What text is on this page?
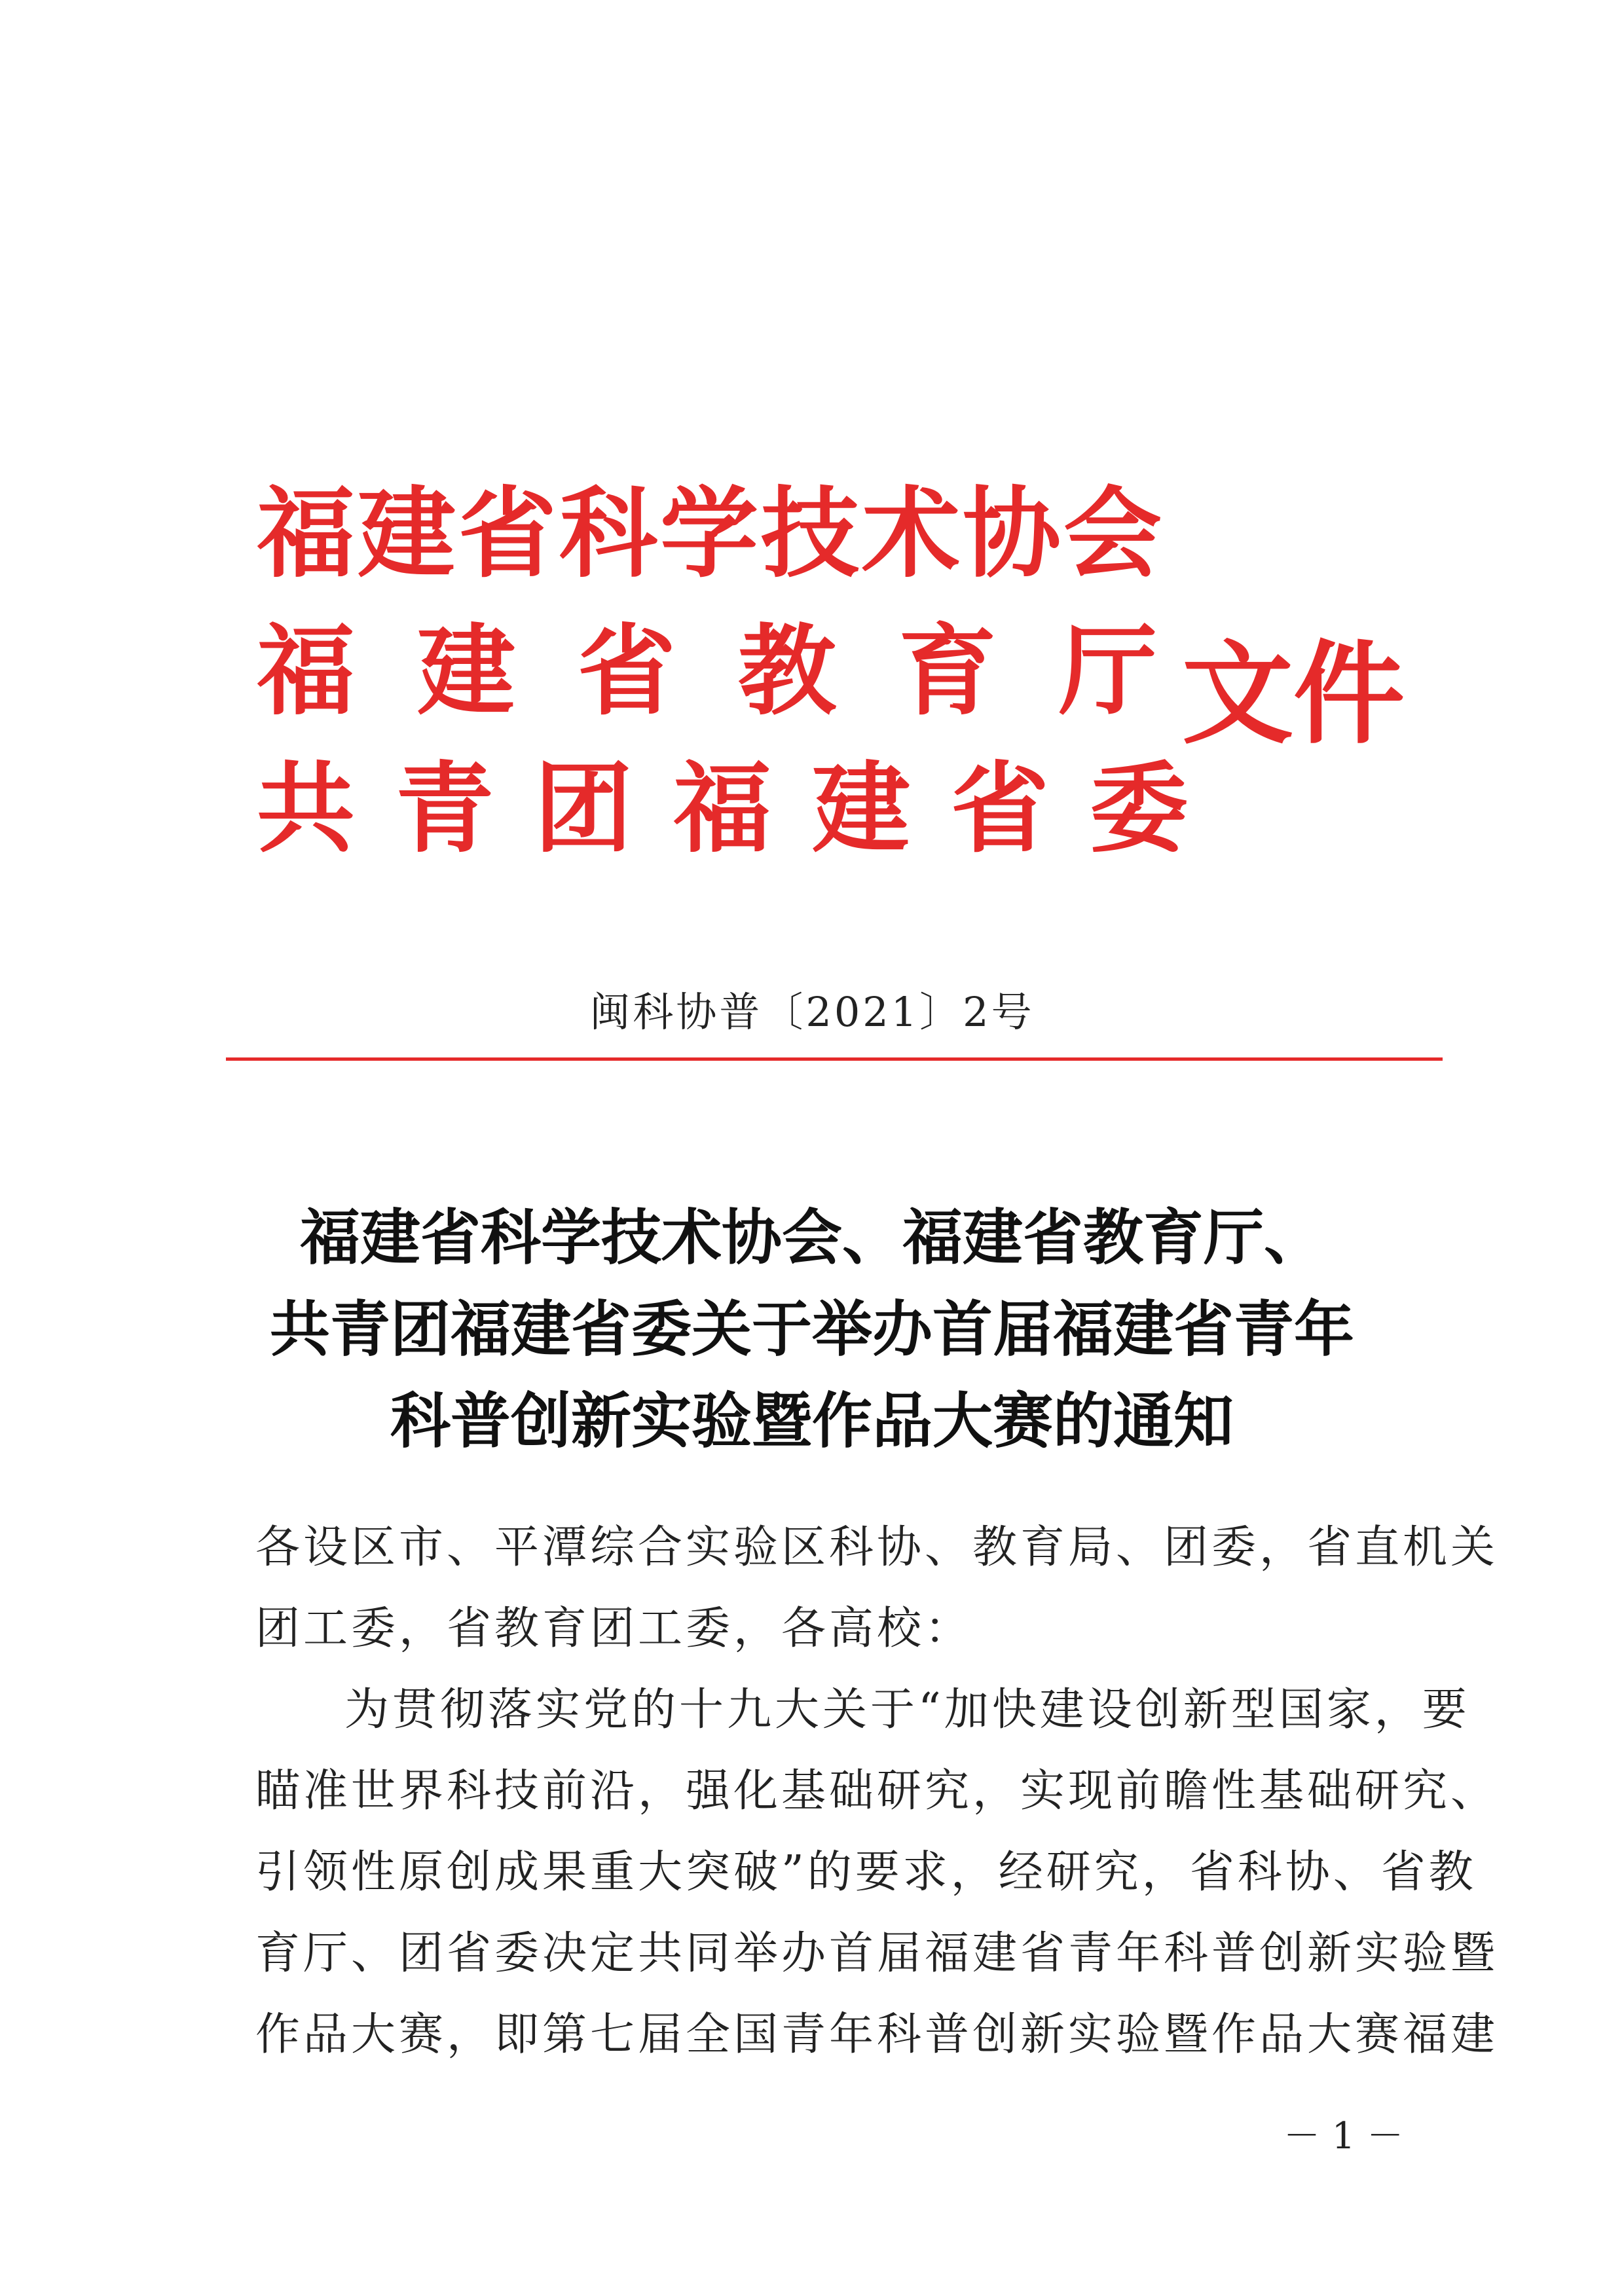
福建省科学技术协会
福建省教育厅
共青团福建省委
文件
闽科协普〔2021〕2号
福建省科学技术协会、福建省教育厅、
共青团福建省委关于举办首届福建省青年
科普创新实验暨作品大赛的通知
各设区市、平潭综合实验区科协、教育局、团委，省直机关
团工委，省教育团工委，各高校：
为贯彻落实党的十九大关于“加快建设创新型国家，要
瞄准世界科技前沿，强化基础研究，实现前瞻性基础研究、
引领性原创成果重大突破”的要求，经研究，省科协、省教
育厅、团省委决定共同举办首届福建省青年科普创新实验暨
作品大赛，即第七届全国青年科普创新实验暨作品大赛福建
－ 1 －
